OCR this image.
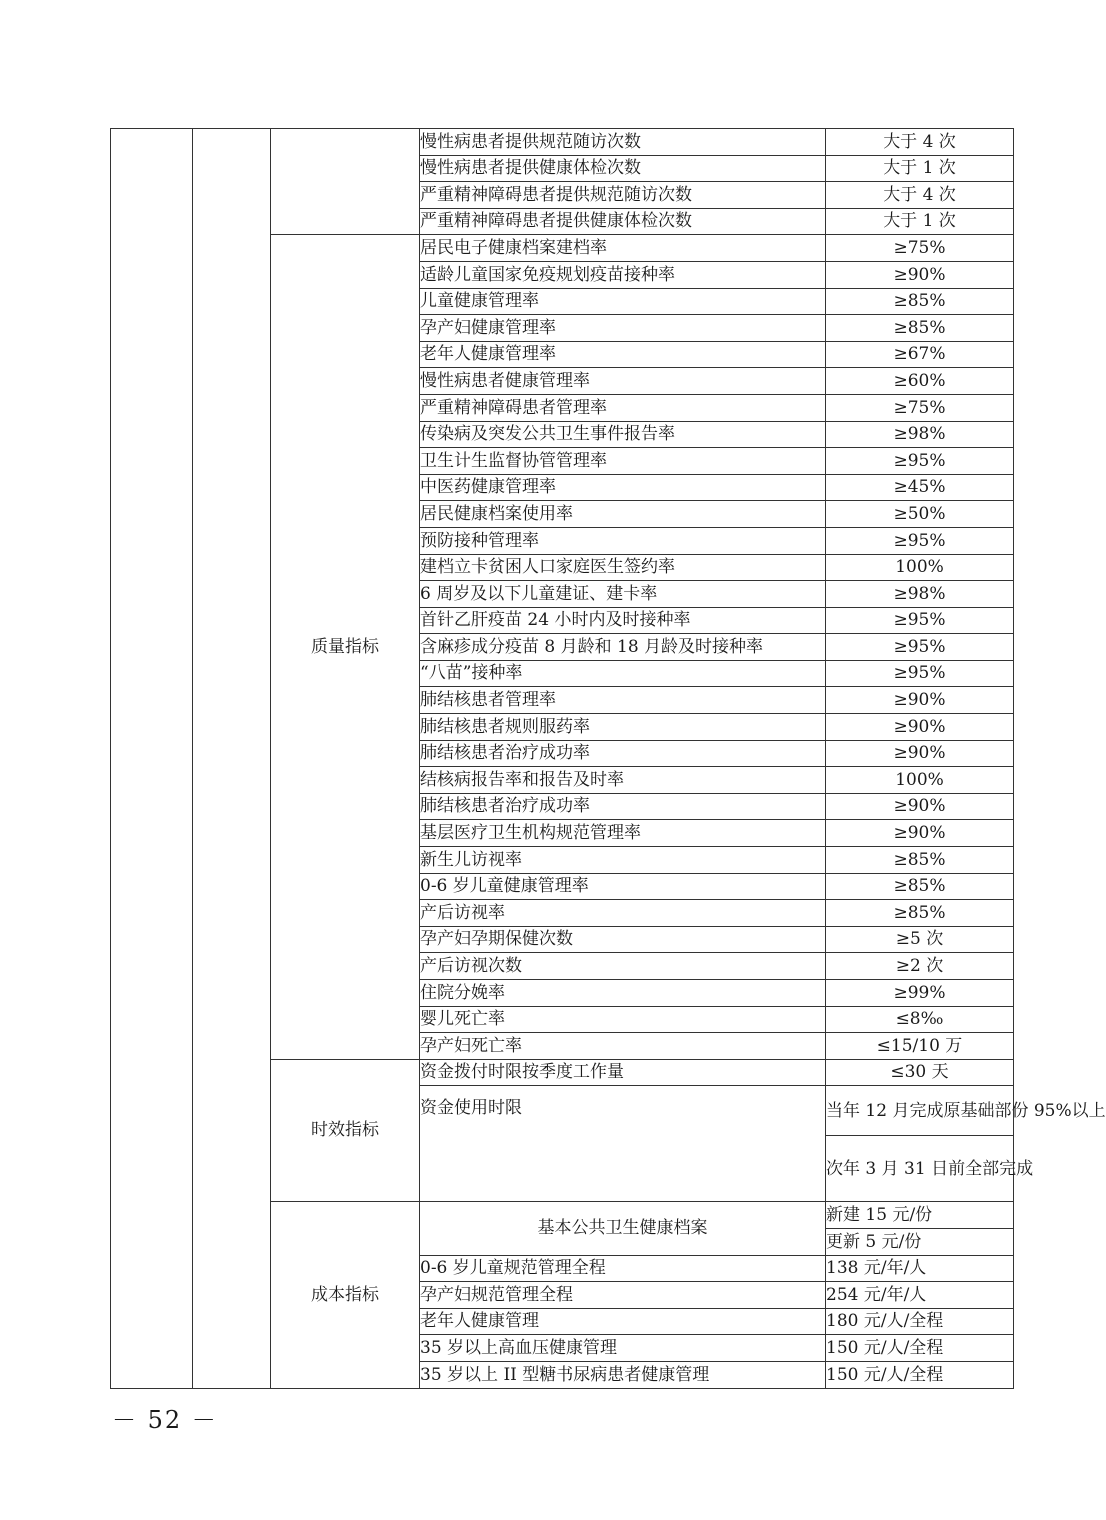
			慢性病患者提供规范随访次数	大于 4 次
			慢性病患者提供健康体检次数	大于 1 次
			严重精神障碍患者提供规范随访次数	大于 4 次
			严重精神障碍患者提供健康体检次数	大于 1 次
		质量指标	居民电子健康档案建档率	≥75%
			适龄儿童国家免疫规划疫苗接种率	≥90%
			儿童健康管理率	≥85%
			孕产妇健康管理率	≥85%
			老年人健康管理率	≥67%
			慢性病患者健康管理率	≥60%
			严重精神障碍患者管理率	≥75%
			传染病及突发公共卫生事件报告率	≥98%
			卫生计生监督协管管理率	≥95%
			中医药健康管理率	≥45%
			居民健康档案使用率	≥50%
			预防接种管理率	≥95%
			建档立卡贫困人口家庭医生签约率	100%
			6 周岁及以下儿童建证、建卡率	≥98%
			首针乙肝疫苗 24 小时内及时接种率	≥95%
			含麻疹成分疫苗 8 月龄和 18 月龄及时接种率	≥95%
			“八苗”接种率	≥95%
			肺结核患者管理率	≥90%
			肺结核患者规则服药率	≥90%
			肺结核患者治疗成功率	≥90%
			结核病报告率和报告及时率	100%
			肺结核患者治疗成功率	≥90%
			基层医疗卫生机构规范管理率	≥90%
			新生儿访视率	≥85%
			0-6 岁儿童健康管理率	≥85%
			产后访视率	≥85%
			孕产妇孕期保健次数	≥5 次
			产后访视次数	≥2 次
			住院分娩率	≥99%
			婴儿死亡率	≤8‰
			孕产妇死亡率	≤15/10 万
		时效指标	资金拨付时限按季度工作量	≤30 天
			资金使用时限	当年 12 月完成原基础部份 95%以上
				次年 3 月 31 日前全部完成
		成本指标	基本公共卫生健康档案	新建 15 元/份
				更新 5 元/份
			0-6 岁儿童规范管理全程	138 元/年/人
			孕产妇规范管理全程	254 元/年/人
			老年人健康管理	180 元/人/全程
			35 岁以上高血压健康管理	150 元/人/全程
			35 岁以上 II 型糖书尿病患者健康管理	150 元/人/全程
－ 52 －
